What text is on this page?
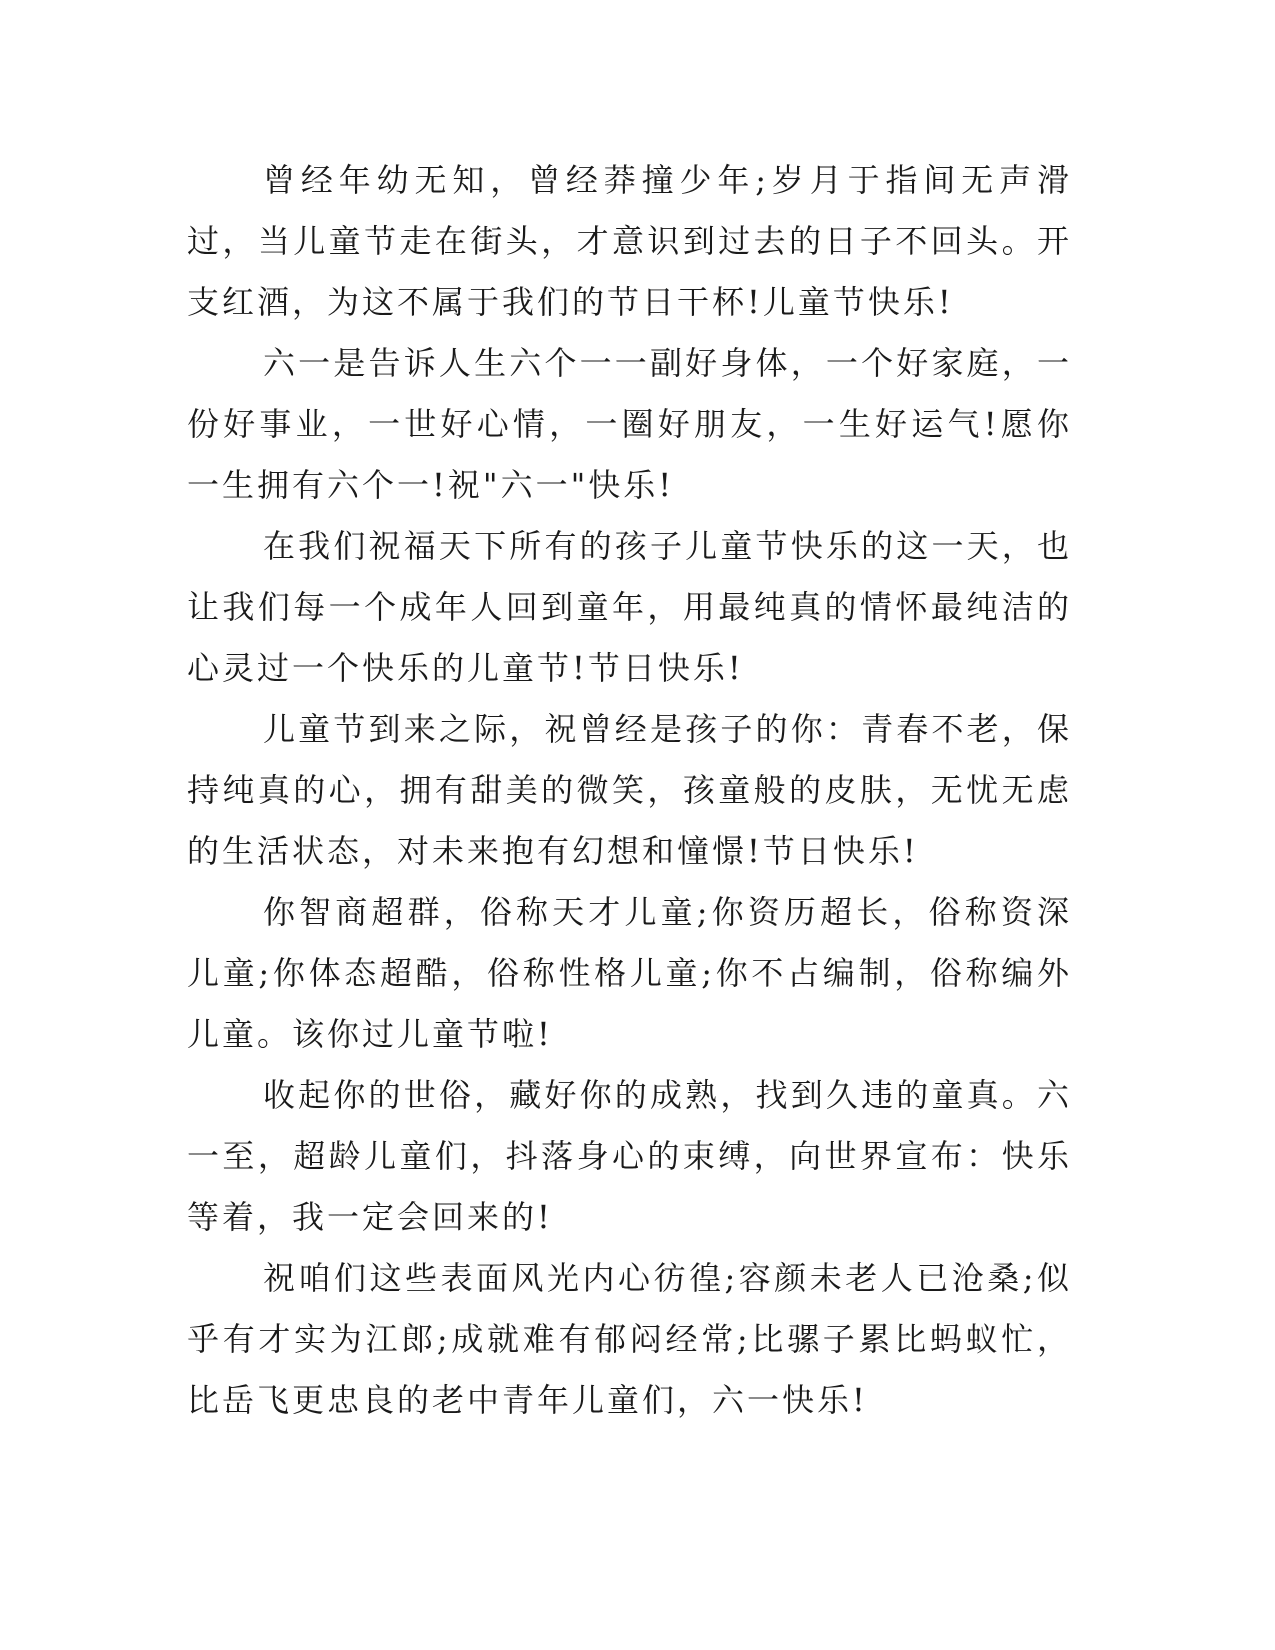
曾经年幼无知，曾经莽撞少年;岁月于指间无声滑过，当儿童节走在街头，才意识到过去的日子不回头。开支红酒，为这不属于我们的节日干杯!儿童节快乐!

六一是告诉人生六个一一副好身体，一个好家庭，一份好事业，一世好心情，一圈好朋友，一生好运气!愿你一生拥有六个一!祝"六一"快乐!

在我们祝福天下所有的孩子儿童节快乐的这一天，也让我们每一个成年人回到童年，用最纯真的情怀最纯洁的心灵过一个快乐的儿童节!节日快乐!

儿童节到来之际，祝曾经是孩子的你：青春不老，保持纯真的心，拥有甜美的微笑，孩童般的皮肤，无忧无虑的生活状态，对未来抱有幻想和憧憬!节日快乐!

你智商超群，俗称天才儿童;你资历超长，俗称资深儿童;你体态超酷，俗称性格儿童;你不占编制，俗称编外儿童。该你过儿童节啦!

收起你的世俗，藏好你的成熟，找到久违的童真。六一至，超龄儿童们，抖落身心的束缚，向世界宣布：快乐等着，我一定会回来的!

祝咱们这些表面风光内心彷徨;容颜未老人已沧桑;似乎有才实为江郎;成就难有郁闷经常;比骡子累比蚂蚁忙，比岳飞更忠良的老中青年儿童们，六一快乐!
